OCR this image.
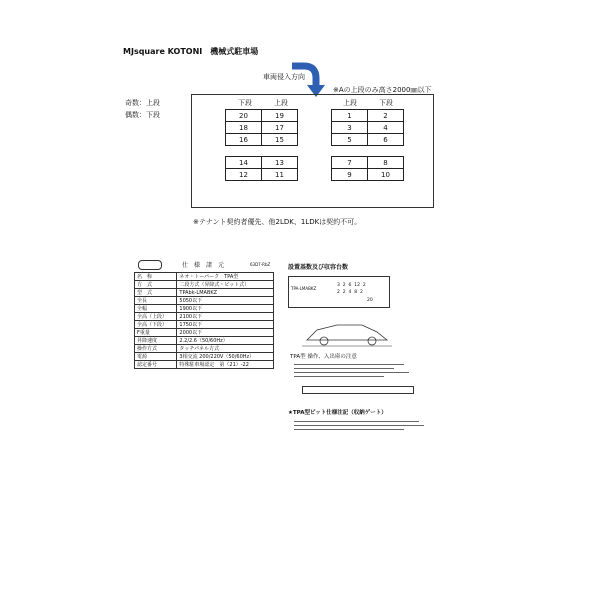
MJsquare KOTONI　機械式駐車場
車両侵入方向
※Aの上段のみ高さ2000㎜以下
奇数：上段
偶数：下段
下段	上段
20	19
18	17
16	15
14	13
12	11
上段	下段
1	2
3	4
5	6
7	8
9	10
※テナント契約者優先、他2LDK、1LDKは契約不可。
仕　様　諸　元	63D7-RbZ
名　称	ネオ・トーパーク　TPA型
方　式	二段方式（昇降式・ピット式）
型　式	TPAbk-LMABKZ
全長	5050以下
全幅	1900以下
全高（上段）	2100以下
全高（下段）	1750以下
F重量	2000以下
昇降速度	2.2/2.6（50/60Hz）
操作方式	タッチパネル方式
電源	3相交流 200/220V（50/60Hz）
認定番号	特殊駐車場認定　第（21）-22
設置基数及び収容台数
TPA-LMABKZ
3 2 6 12 2
2 2 4 8 2
20
TPA型 操作、入出庫の注意
★TPA型ピット仕様注記（収納ゲート）
